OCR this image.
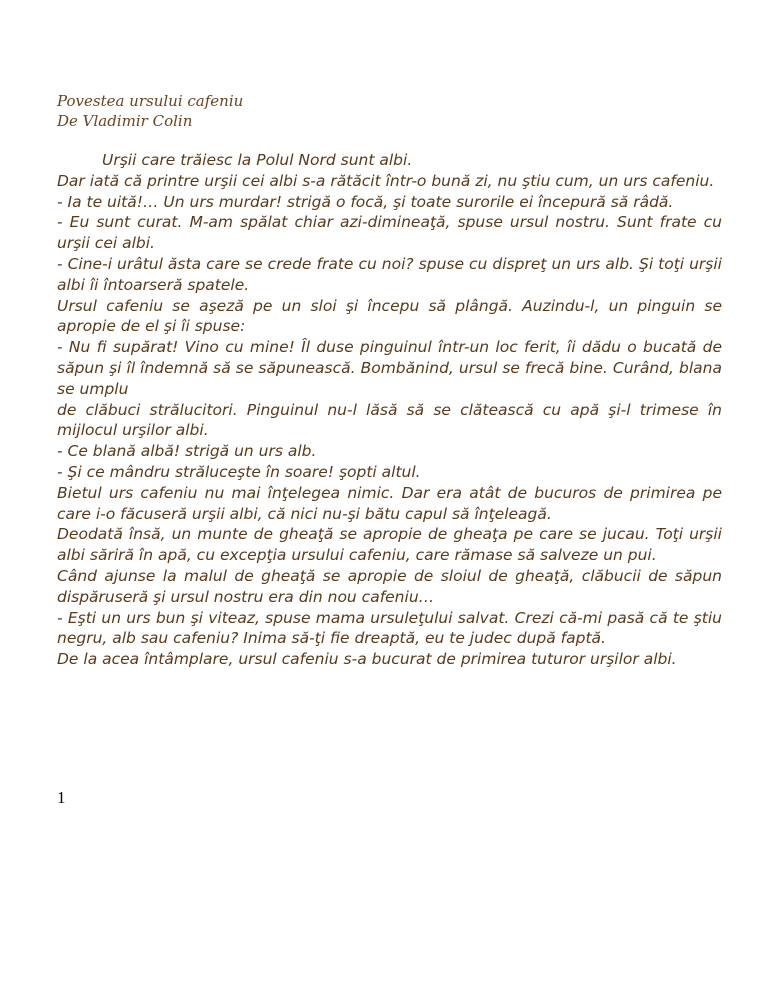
Povestea ursului cafeniu
De Vladimir Colin

Urşii care trăiesc la Polul Nord sunt albi.

Dar iată că printre urşii cei albi s-a rătăcit într-o bună zi, nu ştiu cum, un urs cafeniu.

- Ia te uită!… Un urs murdar! strigă o focă, şi toate surorile ei începură să râdă.

- Eu sunt curat. M-am spălat chiar azi-dimineaţă, spuse ursul nostru. Sunt frate cu urşii cei albi.

- Cine-i urâtul ăsta care se crede frate cu noi? spuse cu dispreţ un urs alb. Şi toţi urşii albi îi întoarseră spatele.

Ursul cafeniu se aşeză pe un sloi şi începu să plângă. Auzindu-l, un pinguin se apropie de el şi îi spuse:

- Nu fi supărat! Vino cu mine! Îl duse pinguinul într-un loc ferit, îi dădu o bucată de săpun şi îl îndemnă să se săpunească. Bombănind, ursul se frecă bine. Curând, blana se umplu

de clăbuci strălucitori. Pinguinul nu-l lăsă să se clătească cu apă şi-l trimese în mijlocul urşilor albi.

- Ce blană albă! strigă un urs alb.

- Şi ce mândru străluceşte în soare! şopti altul.

Bietul urs cafeniu nu mai înţelegea nimic. Dar era atât de bucuros de primirea pe care i-o făcuseră urşii albi, că nici nu-şi bătu capul să înţeleagă.

Deodată însă, un munte de gheaţă se apropie de gheaţa pe care se jucau. Toţi urşii albi săriră în apă, cu excepţia ursului cafeniu, care rămase să salveze un pui.

Când ajunse la malul de gheaţă se apropie de sloiul de gheaţă, clăbucii de săpun dispăruseră şi ursul nostru era din nou cafeniu…

- Eşti un urs bun şi viteaz, spuse mama ursuleţului salvat. Crezi că-mi pasă că te ştiu negru, alb sau cafeniu? Inima să-ţi fie dreaptă, eu te judec după faptă.

De la acea întâmplare, ursul cafeniu s-a bucurat de primirea tuturor urşilor albi.

1
